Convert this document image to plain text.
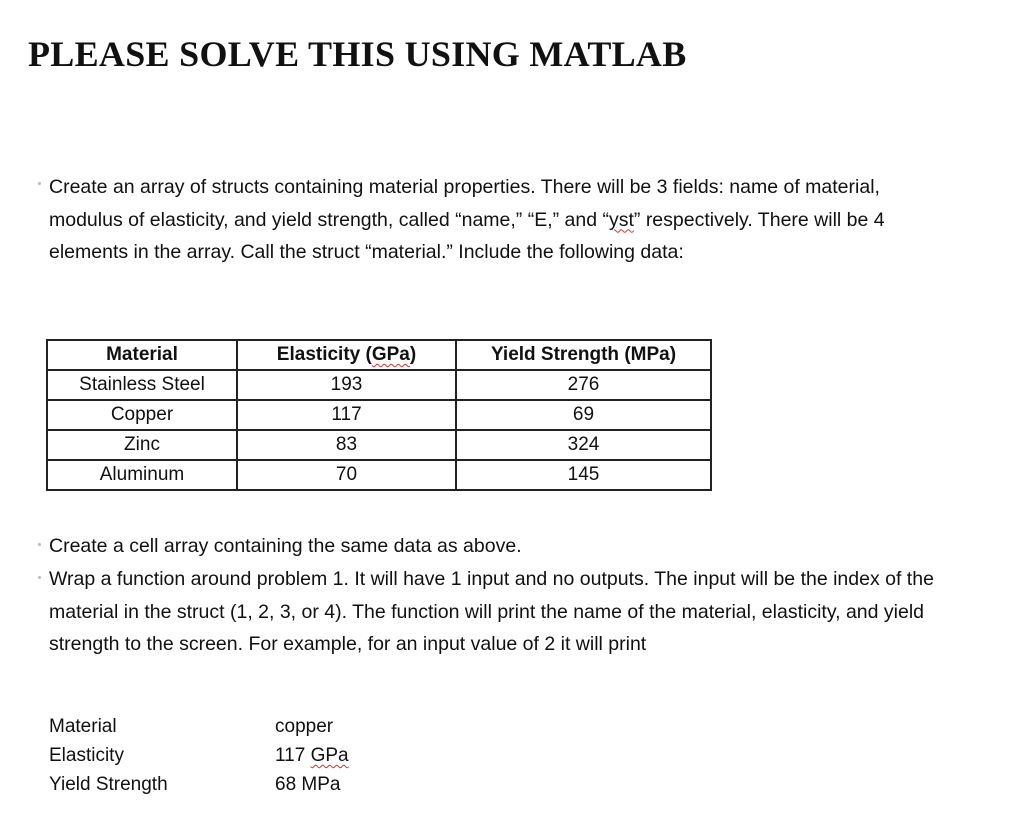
PLEASE SOLVE THIS USING MATLAB

Create an array of structs containing material properties. There will be 3 fields: name of material, modulus of elasticity, and yield strength, called “name,” “E,” and “yst” respectively. There will be 4 elements in the array. Call the struct “material.” Include the following data:

Material	Elasticity (GPa)	Yield Strength (MPa)
Stainless Steel	193	276
Copper	117	69
Zinc	83	324
Aluminum	70	145

Create a cell array containing the same data as above.

Wrap a function around problem 1. It will have 1 input and no outputs. The input will be the index of the material in the struct (1, 2, 3, or 4). The function will print the name of the material, elasticity, and yield strength to the screen. For example, for an input value of 2 it will print

Material	copper
Elasticity	117 GPa
Yield Strength	68 MPa
